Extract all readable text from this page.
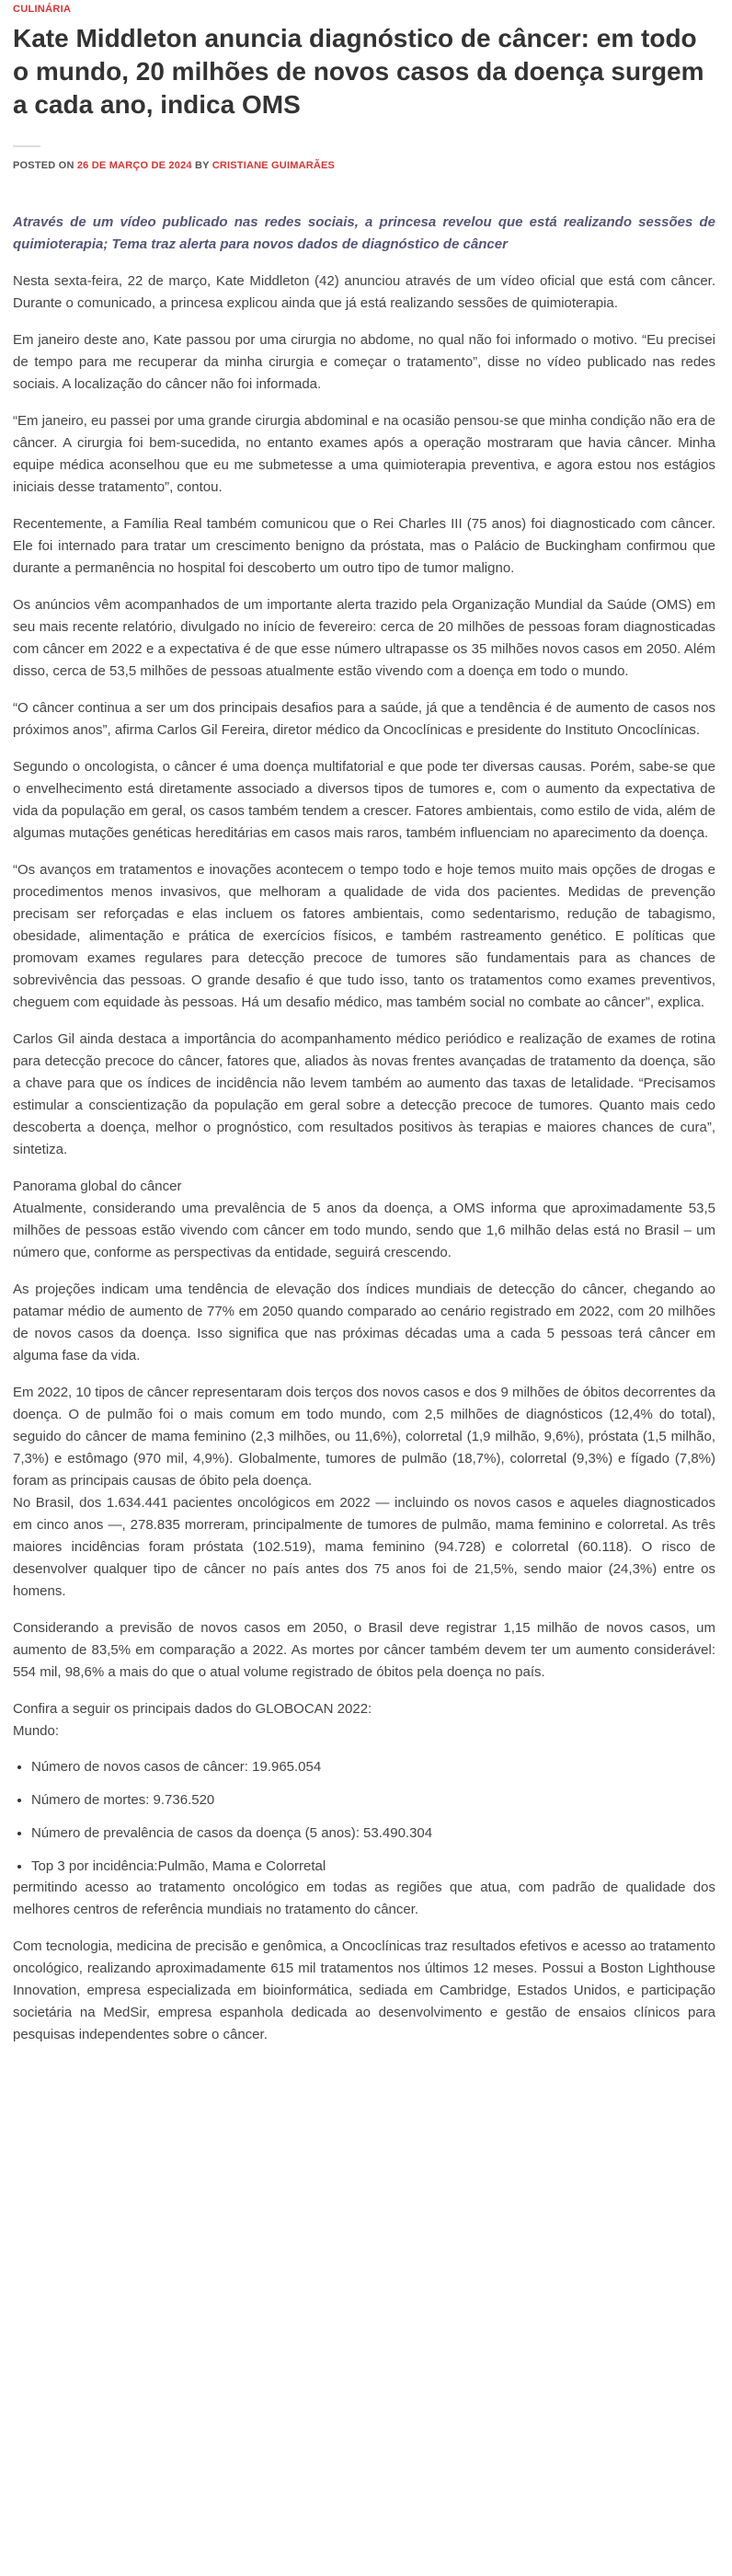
CULINÁRIA
Kate Middleton anuncia diagnóstico de câncer: em todo o mundo, 20 milhões de novos casos da doença surgem a cada ano, indica OMS
POSTED ON 26 DE MARÇO DE 2024 BY CRISTIANE GUIMARÃES

Através de um vídeo publicado nas redes sociais, a princesa revelou que está realizando sessões de quimioterapia; Tema traz alerta para novos dados de diagnóstico de câncer

Nesta sexta-feira, 22 de março, Kate Middleton (42) anunciou através de um vídeo oficial que está com câncer. Durante o comunicado, a princesa explicou ainda que já está realizando sessões de quimioterapia.

Em janeiro deste ano, Kate passou por uma cirurgia no abdome, no qual não foi informado o motivo. “Eu precisei de tempo para me recuperar da minha cirurgia e começar o tratamento”, disse no vídeo publicado nas redes sociais. A localização do câncer não foi informada.

“Em janeiro, eu passei por uma grande cirurgia abdominal e na ocasião pensou-se que minha condição não era de câncer. A cirurgia foi bem-sucedida, no entanto exames após a operação mostraram que havia câncer. Minha equipe médica aconselhou que eu me submetesse a uma quimioterapia preventiva, e agora estou nos estágios iniciais desse tratamento”, contou.

Recentemente, a Família Real também comunicou que o Rei Charles III (75 anos) foi diagnosticado com câncer. Ele foi internado para tratar um crescimento benigno da próstata, mas o Palácio de Buckingham confirmou que durante a permanência no hospital foi descoberto um outro tipo de tumor maligno.

Os anúncios vêm acompanhados de um importante alerta trazido pela Organização Mundial da Saúde (OMS) em seu mais recente relatório, divulgado no início de fevereiro: cerca de 20 milhões de pessoas foram diagnosticadas com câncer em 2022 e a expectativa é de que esse número ultrapasse os 35 milhões novos casos em 2050. Além disso, cerca de 53,5 milhões de pessoas atualmente estão vivendo com a doença em todo o mundo.

“O câncer continua a ser um dos principais desafios para a saúde, já que a tendência é de aumento de casos nos próximos anos”, afirma Carlos Gil Fereira, diretor médico da Oncoclínicas e presidente do Instituto Oncoclínicas.

Segundo o oncologista, o câncer é uma doença multifatorial e que pode ter diversas causas. Porém, sabe-se que o envelhecimento está diretamente associado a diversos tipos de tumores e, com o aumento da expectativa de vida da população em geral, os casos também tendem a crescer. Fatores ambientais, como estilo de vida, além de algumas mutações genéticas hereditárias em casos mais raros, também influenciam no aparecimento da doença.

“Os avanços em tratamentos e inovações acontecem o tempo todo e hoje temos muito mais opções de drogas e procedimentos menos invasivos, que melhoram a qualidade de vida dos pacientes. Medidas de prevenção precisam ser reforçadas e elas incluem os fatores ambientais, como sedentarismo, redução de tabagismo, obesidade, alimentação e prática de exercícios físicos, e também rastreamento genético. E políticas que promovam exames regulares para detecção precoce de tumores são fundamentais para as chances de sobrevivência das pessoas. O grande desafio é que tudo isso, tanto os tratamentos como exames preventivos, cheguem com equidade às pessoas. Há um desafio médico, mas também social no combate ao câncer”, explica.

Carlos Gil ainda destaca a importância do acompanhamento médico periódico e realização de exames de rotina para detecção precoce do câncer, fatores que, aliados às novas frentes avançadas de tratamento da doença, são a chave para que os índices de incidência não levem também ao aumento das taxas de letalidade. “Precisamos estimular a conscientização da população em geral sobre a detecção precoce de tumores. Quanto mais cedo descoberta a doença, melhor o prognóstico, com resultados positivos às terapias e maiores chances de cura”, sintetiza.

Panorama global do câncer

Atualmente, considerando uma prevalência de 5 anos da doença, a OMS informa que aproximadamente 53,5 milhões de pessoas estão vivendo com câncer em todo mundo, sendo que 1,6 milhão delas está no Brasil – um número que, conforme as perspectivas da entidade, seguirá crescendo.

As projeções indicam uma tendência de elevação dos índices mundiais de detecção do câncer, chegando ao patamar médio de aumento de 77% em 2050 quando comparado ao cenário registrado em 2022, com 20 milhões de novos casos da doença. Isso significa que nas próximas décadas uma a cada 5 pessoas terá câncer em alguma fase da vida.

Em 2022, 10 tipos de câncer representaram dois terços dos novos casos e dos 9 milhões de óbitos decorrentes da doença. O de pulmão foi o mais comum em todo mundo, com 2,5 milhões de diagnósticos (12,4% do total), seguido do câncer de mama feminino (2,3 milhões, ou 11,6%), colorretal (1,9 milhão, 9,6%), próstata (1,5 milhão, 7,3%) e estômago (970 mil, 4,9%). Globalmente, tumores de pulmão (18,7%), colorretal (9,3%) e fígado (7,8%) foram as principais causas de óbito pela doença.

No Brasil, dos 1.634.441 pacientes oncológicos em 2022 — incluindo os novos casos e aqueles diagnosticados em cinco anos —, 278.835 morreram, principalmente de tumores de pulmão, mama feminino e colorretal. As três maiores incidências foram próstata (102.519), mama feminino (94.728) e colorretal (60.118). O risco de desenvolver qualquer tipo de câncer no país antes dos 75 anos foi de 21,5%, sendo maior (24,3%) entre os homens.

Considerando a previsão de novos casos em 2050, o Brasil deve registrar 1,15 milhão de novos casos, um aumento de 83,5% em comparação a 2022. As mortes por câncer também devem ter um aumento considerável: 554 mil, 98,6% a mais do que o atual volume registrado de óbitos pela doença no país.

Confira a seguir os principais dados do GLOBOCAN 2022:

Mundo:

• Número de novos casos de câncer: 19.965.054
• Número de mortes: 9.736.520
• Número de prevalência de casos da doença (5 anos): 53.490.304
• Top 3 por incidência:Pulmão, Mama e Colorretal

permitindo acesso ao tratamento oncológico em todas as regiões que atua, com padrão de qualidade dos melhores centros de referência mundiais no tratamento do câncer.

Com tecnologia, medicina de precisão e genômica, a Oncoclínicas traz resultados efetivos e acesso ao tratamento oncológico, realizando aproximadamente 615 mil tratamentos nos últimos 12 meses. Possui a Boston Lighthouse Innovation, empresa especializada em bioinformática, sediada em Cambridge, Estados Unidos, e participação societária na MedSir, empresa espanhola dedicada ao desenvolvimento e gestão de ensaios clínicos para pesquisas independentes sobre o câncer.
